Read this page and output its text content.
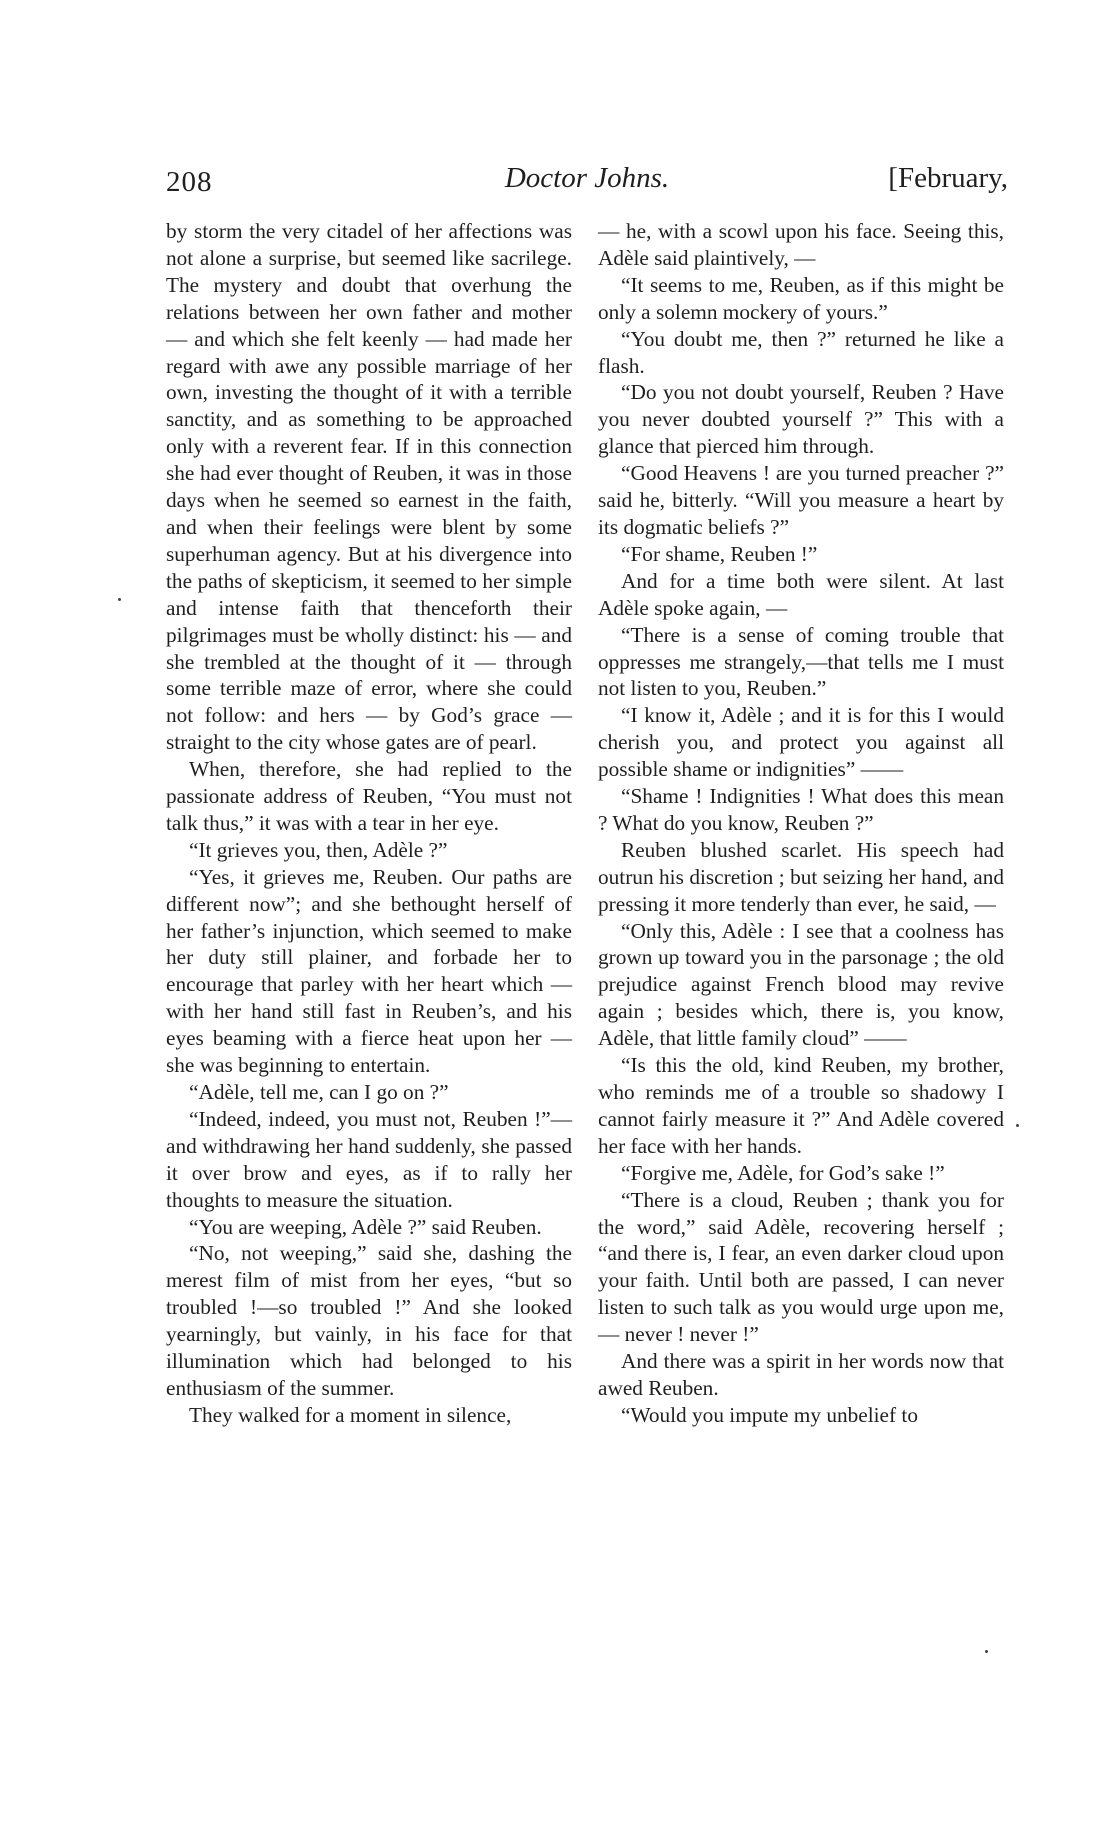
208	Doctor Johns.	[February,

by storm the very citadel of her affections was not alone a surprise, but seemed like sacrilege. The mystery and doubt that overhung the relations between her own father and mother — and which she felt keenly — had made her regard with awe any possible marriage of her own, investing the thought of it with a terrible sanctity, and as something to be approached only with a reverent fear. If in this connection she had ever thought of Reuben, it was in those days when he seemed so earnest in the faith, and when their feelings were blent by some superhuman agency. But at his divergence into the paths of skepticism, it seemed to her simple and intense faith that thenceforth their pilgrimages must be wholly distinct: his — and she trembled at the thought of it — through some terrible maze of error, where she could not follow: and hers — by God’s grace — straight to the city whose gates are of pearl.

When, therefore, she had replied to the passionate address of Reuben, “You must not talk thus,” it was with a tear in her eye.

“It grieves you, then, Adèle ?”

“Yes, it grieves me, Reuben. Our paths are different now”; and she bethought herself of her father’s injunction, which seemed to make her duty still plainer, and forbade her to encourage that parley with her heart which — with her hand still fast in Reuben’s, and his eyes beaming with a fierce heat upon her — she was beginning to entertain.

“Adèle, tell me, can I go on ?”

“Indeed, indeed, you must not, Reuben !”—and withdrawing her hand suddenly, she passed it over brow and eyes, as if to rally her thoughts to measure the situation.

“You are weeping, Adèle ?” said Reuben.

“No, not weeping,” said she, dashing the merest film of mist from her eyes, “but so troubled !—so troubled !” And she looked yearningly, but vainly, in his face for that illumination which had belonged to his enthusiasm of the summer.

They walked for a moment in silence,

— he, with a scowl upon his face. Seeing this, Adèle said plaintively, —

“It seems to me, Reuben, as if this might be only a solemn mockery of yours.”

“You doubt me, then ?” returned he like a flash.

“Do you not doubt yourself, Reuben ? Have you never doubted yourself ?” This with a glance that pierced him through.

“Good Heavens ! are you turned preacher ?” said he, bitterly. “Will you measure a heart by its dogmatic beliefs ?”

“For shame, Reuben !”

And for a time both were silent. At last Adèle spoke again, —

“There is a sense of coming trouble that oppresses me strangely,—that tells me I must not listen to you, Reuben.”

“I know it, Adèle ; and it is for this I would cherish you, and protect you against all possible shame or indignities” ——

“Shame ! Indignities ! What does this mean ? What do you know, Reuben ?”

Reuben blushed scarlet. His speech had outrun his discretion ; but seizing her hand, and pressing it more tenderly than ever, he said, —

“Only this, Adèle : I see that a coolness has grown up toward you in the parsonage ; the old prejudice against French blood may revive again ; besides which, there is, you know, Adèle, that little family cloud” ——

“Is this the old, kind Reuben, my brother, who reminds me of a trouble so shadowy I cannot fairly measure it ?” And Adèle covered her face with her hands.

“Forgive me, Adèle, for God’s sake !”

“There is a cloud, Reuben ; thank you for the word,” said Adèle, recovering herself ; “and there is, I fear, an even darker cloud upon your faith. Until both are passed, I can never listen to such talk as you would urge upon me, — never ! never !”

And there was a spirit in her words now that awed Reuben.

“Would you impute my unbelief to
